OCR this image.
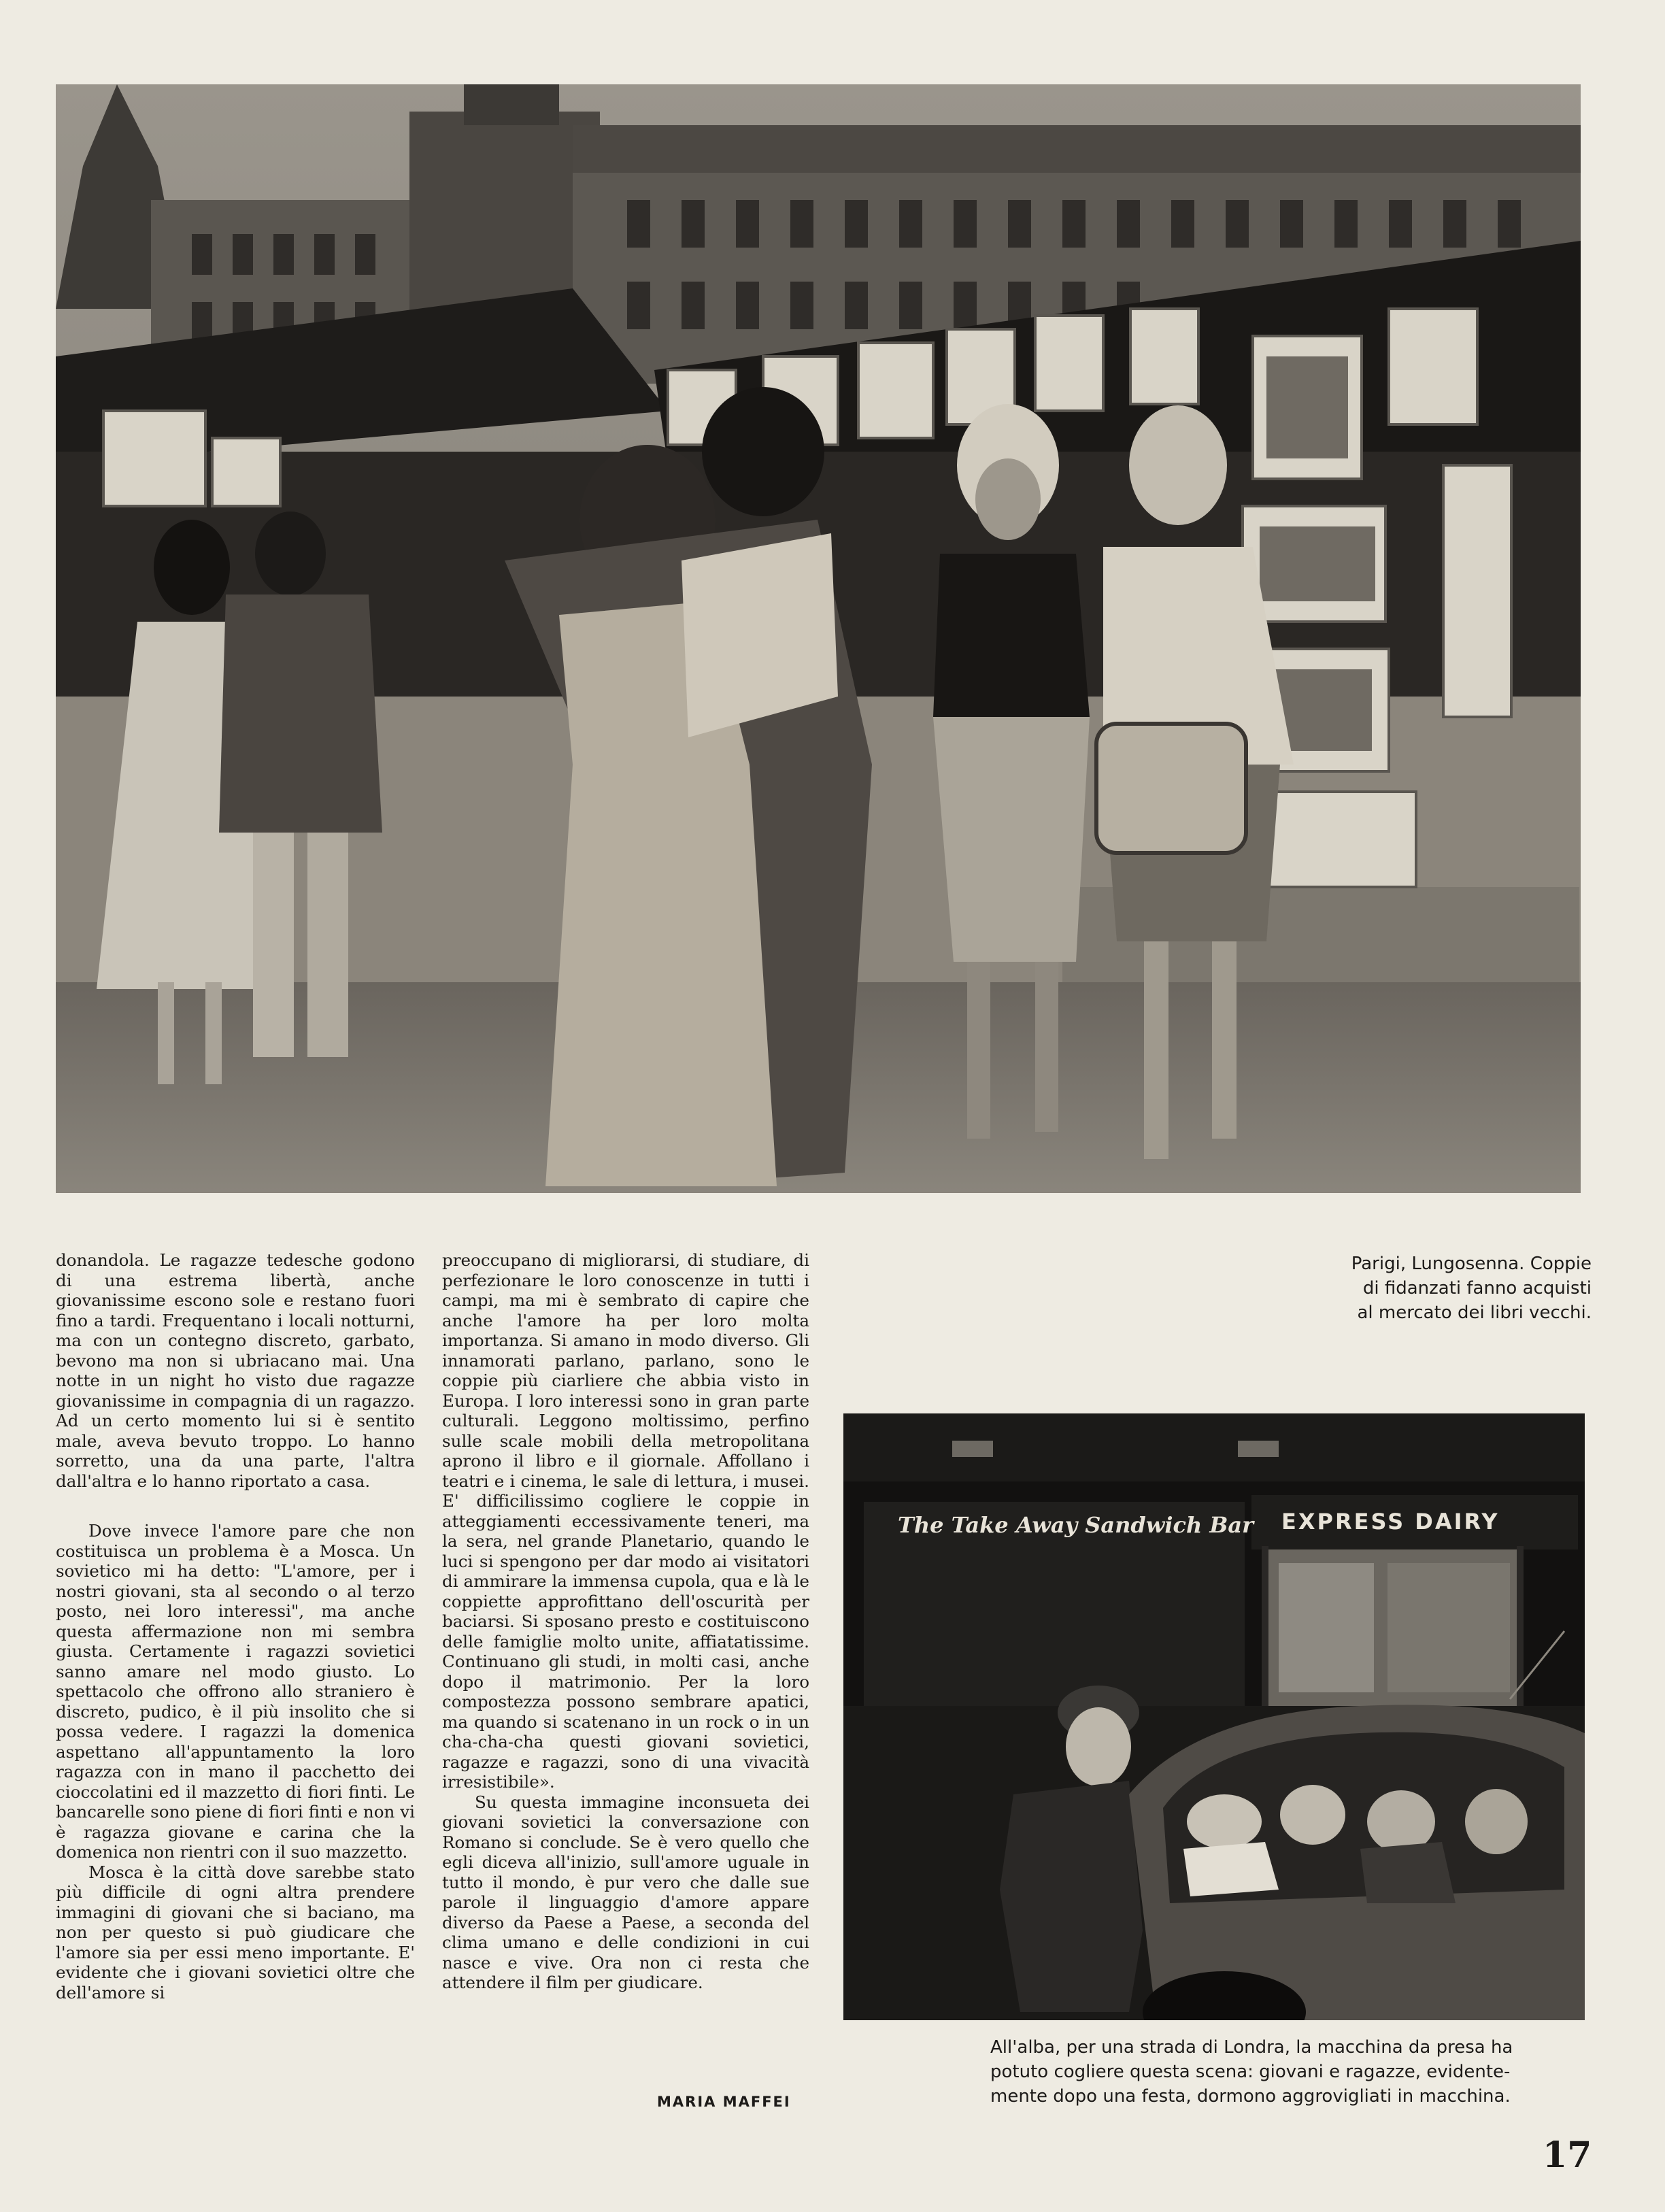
donandola. Le ragazze tedesche godono di una estrema libertà, anche giovanissime escono sole e restano fuori fino a tardi. Frequentano i locali notturni, ma con un contegno discreto, garbato, bevono ma non si ubriacano mai. Una notte in un night ho visto due ragazze giovanissime in compagnia di un ragazzo. Ad un certo momento lui si è sentito male, aveva bevuto troppo. Lo hanno sorretto, una da una parte, l'altra dall'altra e lo hanno riportato a casa.

Dove invece l'amore pare che non costituisca un problema è a Mosca. Un sovietico mi ha detto: "L'amore, per i nostri giovani, sta al secondo o al terzo posto, nei loro interessi", ma anche questa affermazione non mi sembra giusta. Certamente i ragazzi sovietici sanno amare nel modo giusto. Lo spettacolo che offrono allo straniero è discreto, pudico, è il più insolito che si possa vedere. I ragazzi la domenica aspettano all'appuntamento la loro ragazza con in mano il pacchetto dei cioccolatini ed il mazzetto di fiori finti. Le bancarelle sono piene di fiori finti e non vi è ragazza giovane e carina che la domenica non rientri con il suo mazzetto.

Mosca è la città dove sarebbe stato più difficile di ogni altra prendere immagini di giovani che si baciano, ma non per questo si può giudicare che l'amore sia per essi meno importante. E' evidente che i giovani sovietici oltre che dell'amore si

preoccupano di migliorarsi, di studiare, di perfezionare le loro conoscenze in tutti i campi, ma mi è sembrato di capire che anche l'amore ha per loro molta importanza. Si amano in modo diverso. Gli innamorati parlano, parlano, sono le coppie più ciarliere che abbia visto in Europa. I loro interessi sono in gran parte culturali. Leggono moltissimo, perfino sulle scale mobili della metropolitana aprono il libro e il giornale. Affollano i teatri e i cinema, le sale di lettura, i musei. E' difficilissimo cogliere le coppie in atteggiamenti eccessivamente teneri, ma la sera, nel grande Planetario, quando le luci si spengono per dar modo ai visitatori di ammirare la immensa cupola, qua e là le coppiette approfittano dell'oscurità per baciarsi. Si sposano presto e costituiscono delle famiglie molto unite, affiatatissime. Continuano gli studi, in molti casi, anche dopo il matrimonio. Per la loro compostezza possono sembrare apatici, ma quando si scatenano in un rock o in un cha-cha-cha questi giovani sovietici, ragazze e ragazzi, sono di una vivacità irresistibile».

Su questa immagine inconsueta dei giovani sovietici la conversazione con Romano si conclude. Se è vero quello che egli diceva all'inizio, sull'amore uguale in tutto il mondo, è pur vero che dalle sue parole il linguaggio d'amore appare diverso da Paese a Paese, a seconda del clima umano e delle condizioni in cui nasce e vive. Ora non ci resta che attendere il film per giudicare.

MARIA MAFFEI
Parigi, Lungosenna. Coppie
di fidanzati fanno acquisti
al mercato dei libri vecchi.
The Take Away Sandwich Bar EXPRESS DAIRY
All'alba, per una strada di Londra, la macchina da presa ha
potuto cogliere questa scena: giovani e ragazze, evidente-
mente dopo una festa, dormono aggrovigliati in macchina.
17
